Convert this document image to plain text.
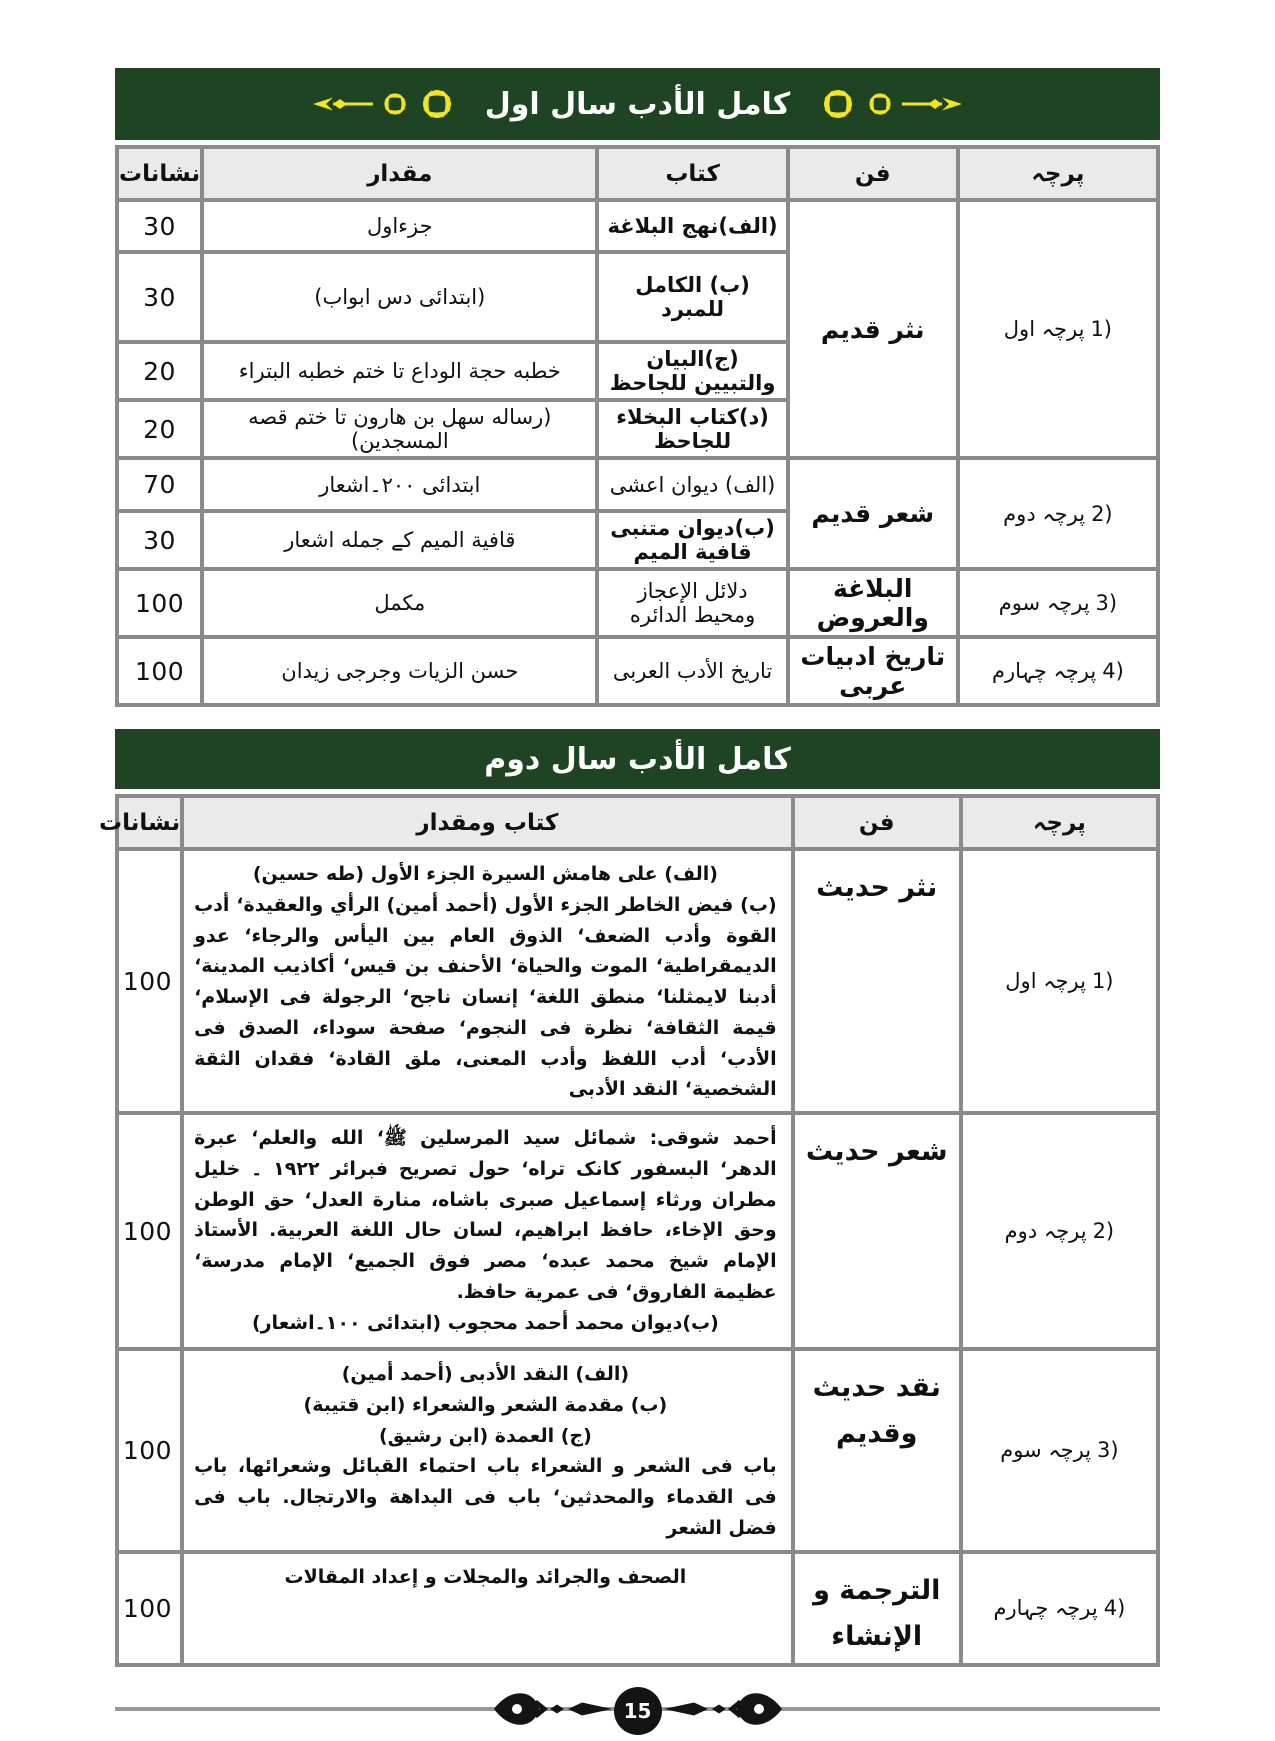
کامل الأدب سال اول
پرچہ	فن	کتاب	مقدار	نشانات
1)پرچہ اول	نثر قدیم	(الف)نهج البلاغة	جزءاول	30
		(ب) الکامل للمبرد	(ابتدائی دس ابواب)	30
		(ج)البیان والتبیین للجاحظ	خطبه حجة الوداع تا ختم خطبه البتراء	20
		(د)کتاب البخلاء للجاحظ	(رساله سهل بن هارون تا ختم قصه المسجدین)	20
2)پرچہ دوم	شعر قدیم	(الف) دیوان اعشی	ابتدائی ۲۰۰۔اشعار	70
		(ب)دیوان متنبی قافیة المیم	قافیة المیم کے جمله اشعار	30
3)پرچہ سوم	البلاغة والعروض	دلائل الإعجاز ومحیط الدائره	مکمل	100
4)پرچہ چہارم	تاریخ ادبیات عربی	تاریخ الأدب العربی	حسن الزیات وجرجی زیدان	100
کامل الأدب سال دوم
پرچہ	فن	کتاب ومقدار	نشانات
1)پرچہ اول	نثر حدیث	(الف) علی هامش السیرة الجزء الأول (طه حسین)
(ب) فیض الخاطر الجزء الأول (أحمد أمین) الرأي والعقیدة‘ أدب القوة وأدب الضعف‘ الذوق العام بین الیأس والرجاء‘ عدو الدیمقراطیة‘ الموت والحیاة‘ الأحنف بن قیس‘ أکاذیب المدینة‘ أدبنا لایمثلنا‘ منطق اللغة‘ إنسان ناجح‘ الرجولة فی الإسلام‘ قیمة الثقافة‘ نظرة فی النجوم‘ صفحة سوداء، الصدق فی الأدب‘ أدب اللفظ وأدب المعنی، ملق القادة‘ فقدان الثقة الشخصیة‘ النقد الأدبی	100
2)پرچہ دوم	شعر حدیث	أحمد شوقی: شمائل سید المرسلین ﷺ‘ الله والعلم‘ عبرة الدهر‘ البسفور کانک تراه‘ حول تصریح فبرائر ۱۹۲۲ ۔ خلیل مطران ورثاء إسماعیل صبری باشاه، منارة العدل‘ حق الوطن وحق الإخاء، حافظ ابراهیم، لسان حال اللغة العربیة. الأستاذ الإمام شیخ محمد عبده‘ مصر فوق الجمیع‘ الإمام مدرسة‘ عظیمة الفاروق‘ فی عمریة حافظ.
(ب)دیوان محمد أحمد محجوب (ابتدائی ۱۰۰۔اشعار)	100
3)پرچہ سوم	نقد حدیث وقدیم	(الف) النقد الأدبی (أحمد أمین)
(ب) مقدمة الشعر والشعراء (ابن قتیبة)
(ج) العمدة (ابن رشیق)
باب فی الشعر و الشعراء باب احتماء القبائل وشعرائها، باب فی القدماء والمحدثین‘ باب فی البداهة والارتجال. باب فی فضل الشعر	100
4)پرچہ چہارم	الترجمة و الإنشاء	الصحف والجرائد والمجلات و إعداد المقالات	100
15
